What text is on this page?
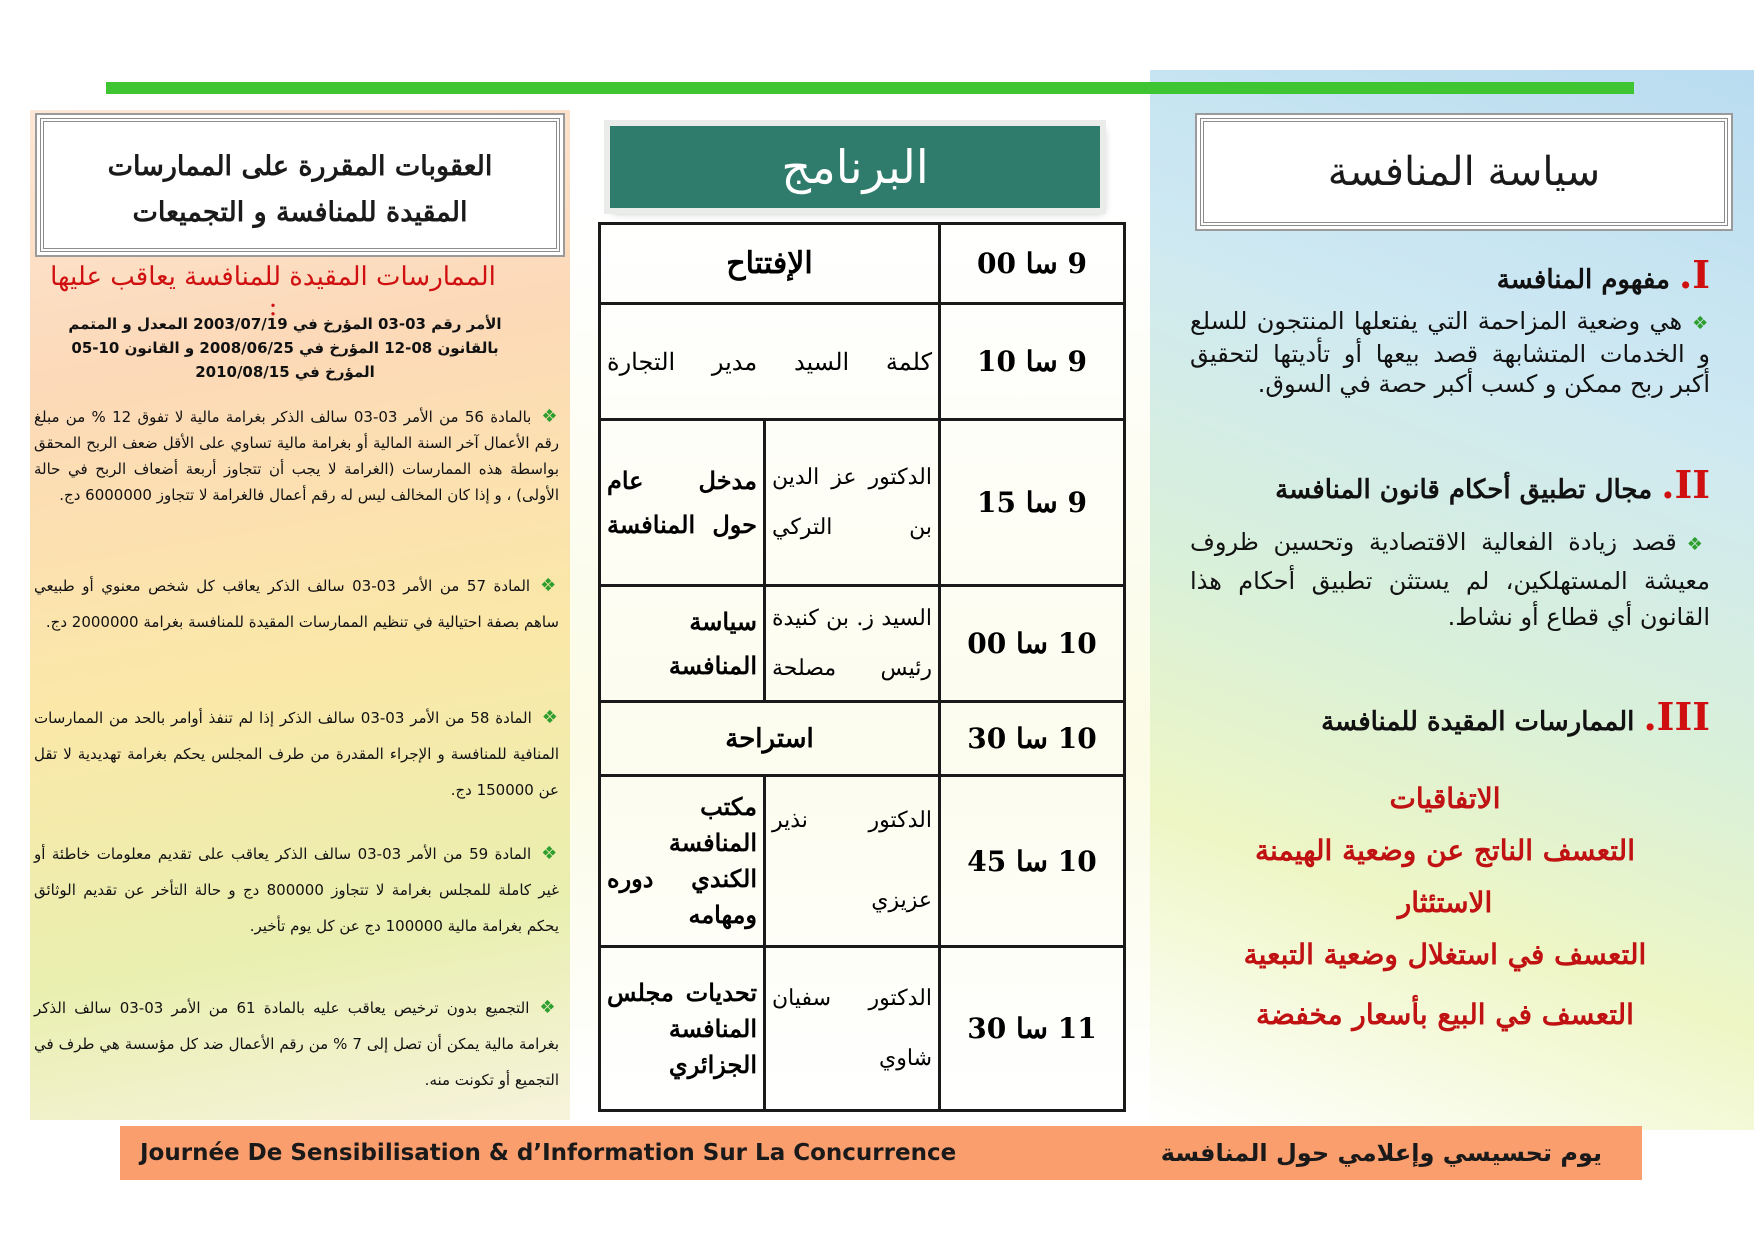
العقوبات المقررة على الممارسات
المقيدة للمنافسة و التجميعات
الممارسات المقيدة للمنافسة يعاقب عليها :
الأمر رقم 03-03 المؤرخ في 2003/07/19 المعدل و المتمم
بالقانون 08-12 المؤرخ في 2008/06/25 و القانون 10-05
المؤرخ في 2010/08/15
❖بالمادة 56 من الأمر 03-03 سالف الذكر بغرامة مالية لا تفوق 12 % من مبلغ رقم الأعمال آخر السنة المالية أو بغرامة مالية تساوي على الأقل ضعف الربح المحقق بواسطة هذه الممارسات (الغرامة لا يجب أن تتجاوز أربعة أضعاف الربح في حالة الأولى) ، و إذا كان المخالف ليس له رقم أعمال فالغرامة لا تتجاوز 6000000 دج.
❖المادة 57 من الأمر 03-03 سالف الذكر يعاقب كل شخص معنوي أو طبيعي ساهم بصفة احتيالية في تنظيم الممارسات المقيدة للمنافسة بغرامة 2000000 دج.
❖المادة 58 من الأمر 03-03 سالف الذكر إذا لم تنفذ أوامر بالحد من الممارسات المنافية للمنافسة و الإجراء المقدرة من طرف المجلس يحكم بغرامة تهديدية لا تقل عن 150000 دج.
❖المادة 59 من الأمر 03-03 سالف الذكر يعاقب على تقديم معلومات خاطئة أو غير كاملة للمجلس بغرامة لا تتجاوز 800000 دج و حالة التأخر عن تقديم الوثائق يحكم بغرامة مالية 100000 دج عن كل يوم تأخير.
❖التجميع بدون ترخيص يعاقب عليه بالمادة 61 من الأمر 03-03 سالف الذكر بغرامة مالية يمكن أن تصل إلى 7 % من رقم الأعمال ضد كل مؤسسة هي طرف في التجميع أو تكونت منه.
البرنامج
9 سا 00	الإفتتاح	
9 سا 10	كلمة السيد مدير التجارة	
9 سا 15	الدكتور عز الدين بن التركي	مدخل عام حول المنافسة
10 سا 00	السيد ز. بن كنيدة رئيس مصلحة	سياسة المنافسة
10 سا 30	استراحة	
10 سا 45	الدكتور نذير عزيزي	مكتب المنافسة الكندي دوره ومهامه
11 سا 30	الدكتور سفيان شاوي	تحديات مجلس المنافسة الجزائري
سياسة المنافسة
I. مفهوم المنافسة
❖هي وضعية المزاحمة التي يفتعلها المنتجون للسلع و الخدمات المتشابهة قصد بيعها أو تأديتها لتحقيق أكبر ربح ممكن و كسب أكبر حصة في السوق.
II. مجال تطبيق أحكام قانون المنافسة
❖قصد زيادة الفعالية الاقتصادية وتحسين ظروف معيشة المستهلكين، لم يستثن تطبيق أحكام هذا القانون أي قطاع أو نشاط.
III. الممارسات المقيدة للمنافسة
الاتفاقيات
التعسف الناتج عن وضعية الهيمنة
الاستئثار
التعسف في استغلال وضعية التبعية
التعسف في البيع بأسعار مخفضة
Journée De Sensibilisation & d’Information Sur La Concurrence	يوم تحسيسي وإعلامي حول المنافسة
